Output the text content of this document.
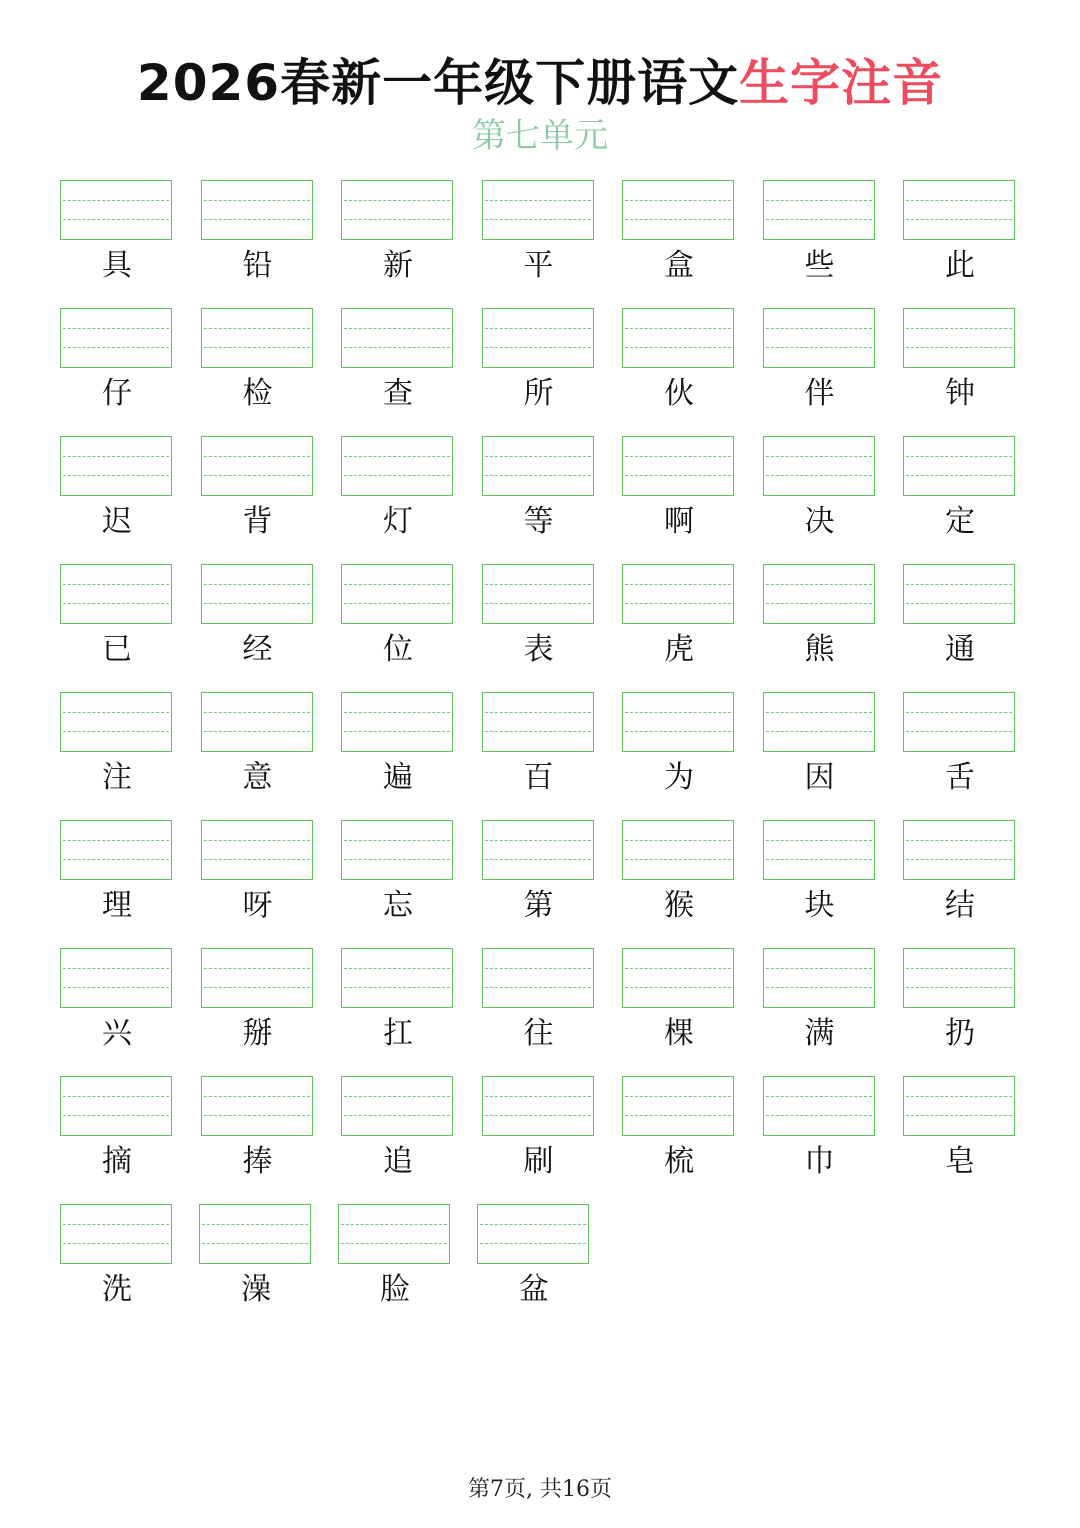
2026春新一年级下册语文生字注音
第七单元
具	铅	新	平	盒	些	此
仔	检	查	所	伙	伴	钟
迟	背	灯	等	啊	决	定
已	经	位	表	虎	熊	通
注	意	遍	百	为	因	舌
理	呀	忘	第	猴	块	结
兴	掰	扛	往	棵	满	扔
摘	捧	追	刷	梳	巾	皂
洗	澡	脸	盆
第7页, 共16页
